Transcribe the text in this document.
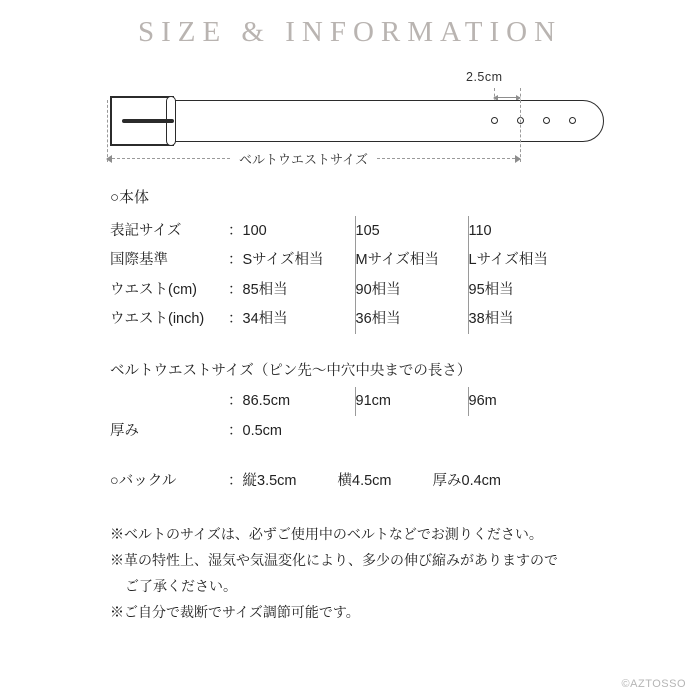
SIZE & INFORMATION
2.5cm
ベルトウエストサイズ
○本体
表記サイズ	：	100	105	110
国際基準	：	Sサイズ相当	Mサイズ相当	Lサイズ相当
ウエスト(cm)	：	85相当	90相当	95相当
ウエスト(inch)	：	34相当	36相当	38相当
ベルトウエストサイズ（ピン先～中穴中央までの長さ）
	：	86.5cm	91cm	96m
厚み	：	0.5cm		
○バックル	：縦3.5cm	横4.5cm	厚み0.4cm
※ベルトのサイズは、必ずご使用中のベルトなどでお測りください。
※革の特性上、湿気や気温変化により、多少の伸び縮みがありますので
ご了承ください。
※ご自分で裁断でサイズ調節可能です。
©AZTOSSO
